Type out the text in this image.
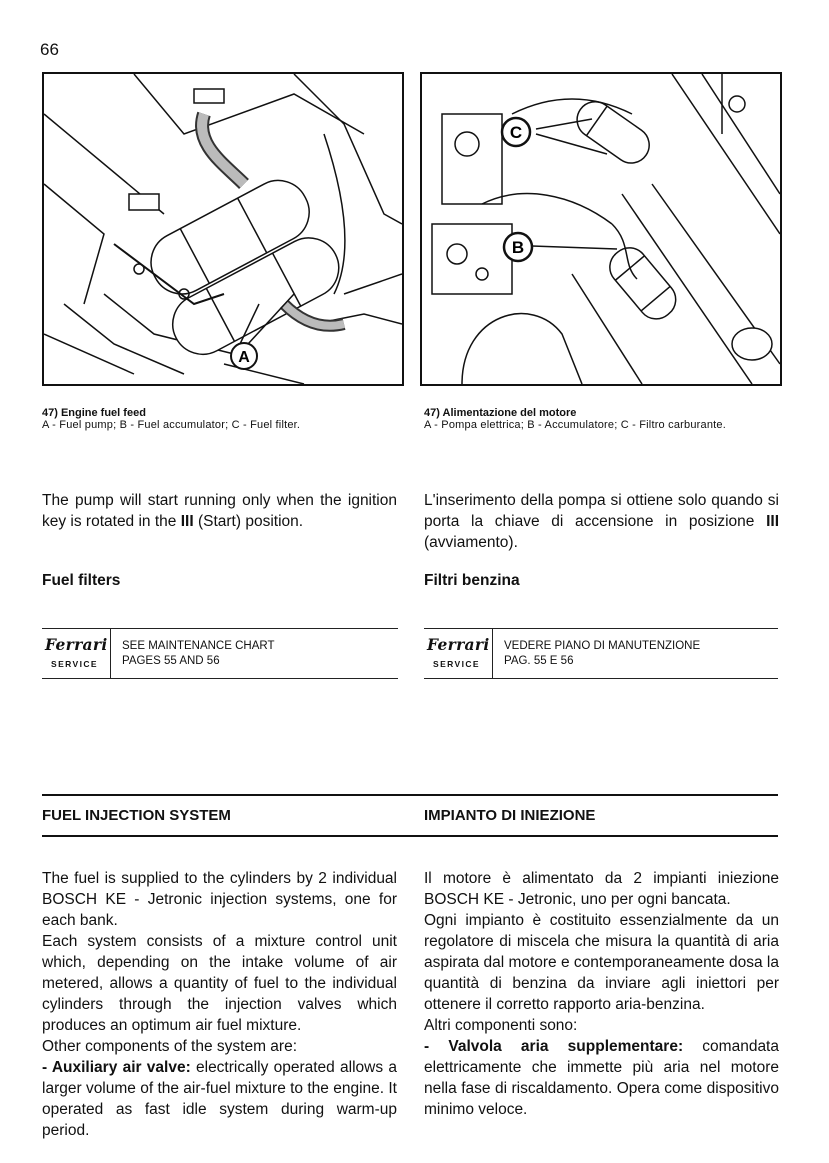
66
A
C
B
47) Engine fuel feed
A - Fuel pump; B - Fuel accumulator; C - Fuel filter.
47) Alimentazione del motore
A - Pompa elettrica; B - Accumulatore; C - Filtro carburante.

The pump will start running only when the ignition key is rotated in the III (Start) position.

L'inserimento della pompa si ottiene solo quando si porta la chiave di accensione in posizione III (avviamento).

Fuel filters	Filtri benzina
Ferrari
SERVICE
SEE MAINTENANCE CHART
PAGES 55 AND 56
Ferrari
SERVICE
VEDERE PIANO DI MANUTENZIONE
PAG. 55 E 56
FUEL INJECTION SYSTEM	IMPIANTO DI INIEZIONE

The fuel is supplied to the cylinders by 2 individual BOSCH KE - Jetronic injection systems, one for each bank.

Each system consists of a mixture control unit which, depending on the intake volume of air metered, allows a quantity of fuel to the individual cylinders through the injection valves which produces an optimum air fuel mixture.

Other components of the system are:

- Auxiliary air valve: electrically operated allows a larger volume of the air-fuel mixture to the engine. It operated as fast idle system during warm-up period.

Il motore è alimentato da 2 impianti iniezione BOSCH KE - Jetronic, uno per ogni bancata.

Ogni impianto è costituito essenzialmente da un regolatore di miscela che misura la quantità di aria aspirata dal motore e contemporaneamente dosa la quantità di benzina da inviare agli iniettori per ottenere il corretto rapporto aria-benzina.

Altri componenti sono:

- Valvola aria supplementare: comandata elettricamente che immette più aria nel motore nella fase di riscaldamento. Opera come dispositivo minimo veloce.
